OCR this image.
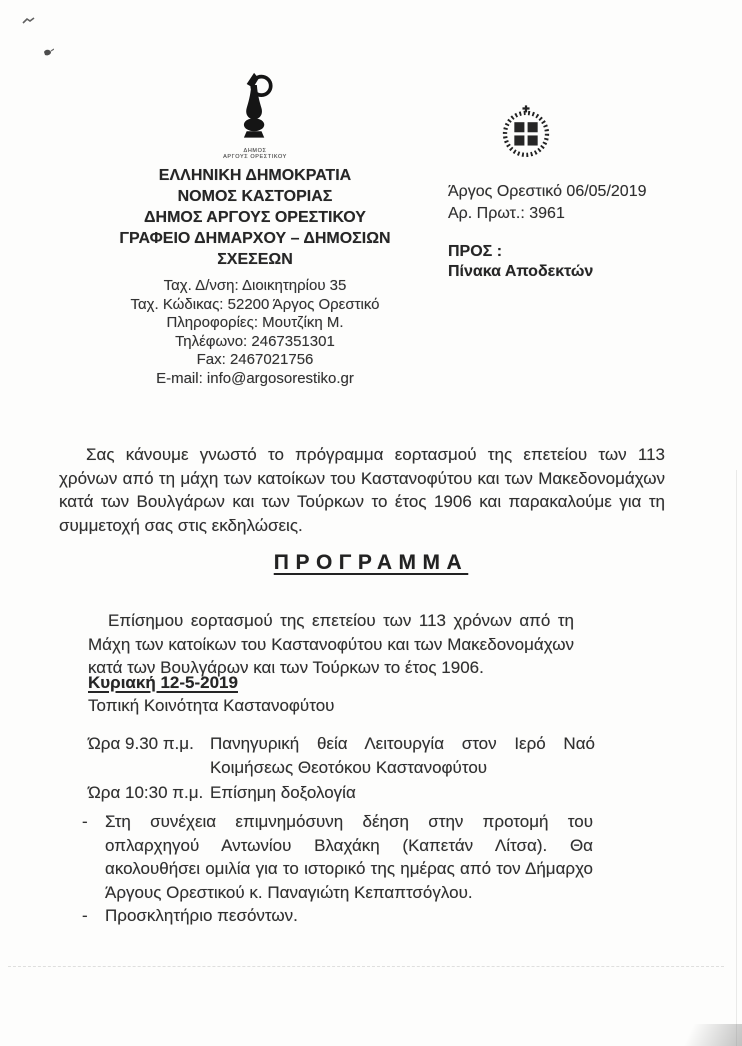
ΔΗΜΟΣ
ΑΡΓΟΥΣ ΟΡΕΣΤΙΚΟΥ
ΕΛΛΗΝΙΚΗ ΔΗΜΟΚΡΑΤΙΑ
ΝΟΜΟΣ ΚΑΣΤΟΡΙΑΣ
ΔΗΜΟΣ ΑΡΓΟΥΣ ΟΡΕΣΤΙΚΟΥ
ΓΡΑΦΕΙΟ ΔΗΜΑΡΧΟΥ – ΔΗΜΟΣΙΩΝ ΣΧΕΣΕΩΝ
Ταχ. Δ/νση: Διοικητηρίου 35
Ταχ. Κώδικας: 52200 Άργος Ορεστικό
Πληροφορίες: Μουτζίκη Μ.
Τηλέφωνο: 2467351301
Fax: 2467021756
E-mail: info@argosorestiko.gr
Άργος Ορεστικό 06/05/2019
Αρ. Πρωτ.: 3961
ΠΡΟΣ :
Πίνακα Αποδεκτών

Σας κάνουμε γνωστό το πρόγραμμα εορτασμού της επετείου των 113 χρόνων από τη μάχη των κατοίκων του Καστανοφύτου και των Μακεδονομάχων κατά των Βουλγάρων και των Τούρκων το έτος 1906 και παρακαλούμε για τη συμμετοχή σας στις εκδηλώσεις.

ΠΡΟΓΡΑΜΜΑ

Επίσημου εορτασμού της επετείου των 113 χρόνων από τη Μάχη των κατοίκων του Καστανοφύτου και των Μακεδονομάχων κατά των Βουλγάρων και των Τούρκων το έτος 1906.

Κυριακή 12-5-2019
Τοπική Κοινότητα Καστανοφύτου
Ώρα 9.30 π.μ. Πανηγυρική θεία Λειτουργία στον Ιερό Ναό Κοιμήσεως Θεοτόκου Καστανοφύτου
Ώρα 10:30 π.μ. Επίσημη δοξολογία
-	Στη συνέχεια επιμνημόσυνη δέηση στην προτομή του οπλαρχηγού Αντωνίου Βλαχάκη (Καπετάν Λίτσα). Θα ακολουθήσει ομιλία για το ιστορικό της ημέρας από τον Δήμαρχο Άργους Ορεστικού κ. Παναγιώτη Κεπαπτσόγλου.
-	Προσκλητήριο πεσόντων.
